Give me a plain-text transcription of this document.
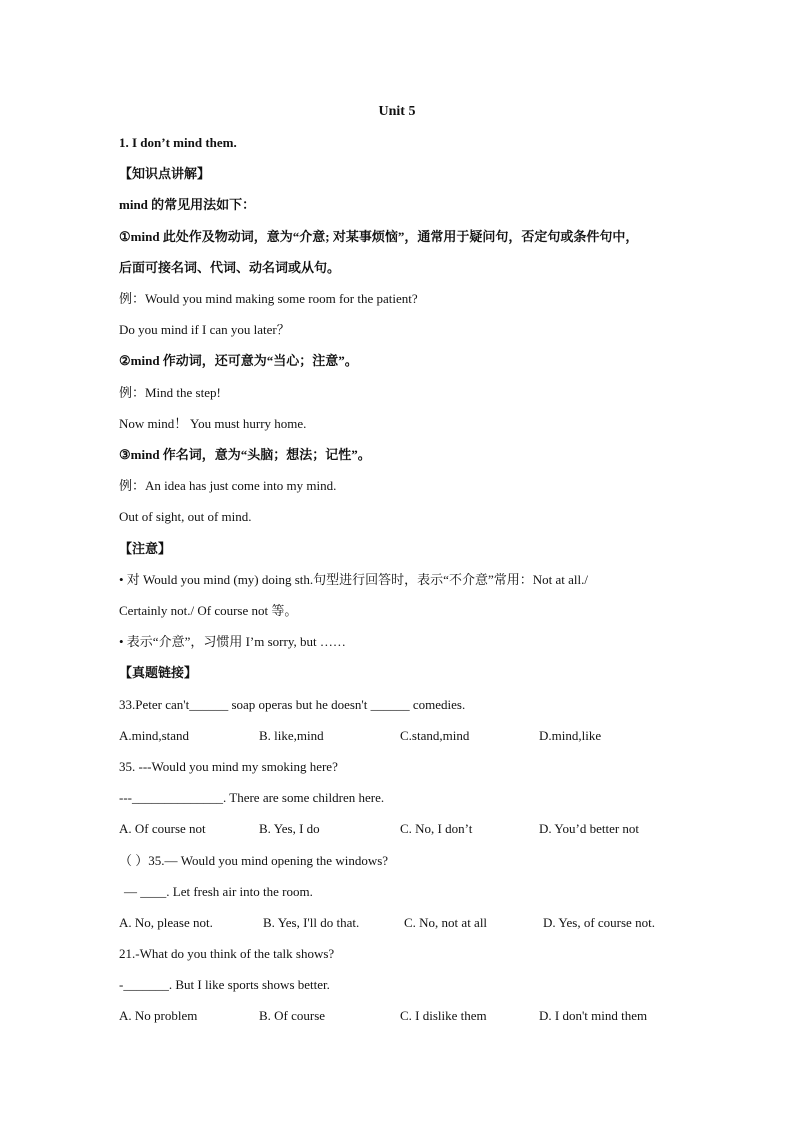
Unit 5
1. I don’t mind them.
【知识点讲解】
mind 的常见用法如下：
①mind 此处作及物动词，意为“介意; 对某事烦恼”，通常用于疑问句，否定句或条件句中，
后面可接名词、代词、动名词或从句。
例：Would you mind making some room for the patient?
Do you mind if I can you later？
②mind 作动词，还可意为“当心；注意”。
例：Mind the step!
Now mind！ You must hurry home.
③mind 作名词，意为“头脑；想法；记性”。
例：An idea has just come into my mind.
Out of sight, out of mind.
【注意】
• 对 Would you mind (my) doing sth.句型进行回答时，表示“不介意”常用：Not at all./
Certainly not./ Of course not 等。
• 表示“介意”，习惯用 I’m sorry, but ……
【真题链接】
33.Peter can't______ soap operas but he doesn't ______ comedies.
A.mind,stand	B. like,mind	C.stand,mind	D.mind,like
35. ---Would you mind my smoking here?
---______________. There are some children here.
A. Of course not	B. Yes, I do	C. No, I don’t	D. You’d better not
（ ）35.— Would you mind opening the windows?
— ____. Let fresh air into the room.
A. No, please not.	B. Yes, I'll do that.	C. No, not at all	D. Yes, of course not.
21.-What do you think of the talk shows?
-_______. But I like sports shows better.
A. No problem	B. Of course	C. I dislike them	D. I don't mind them
